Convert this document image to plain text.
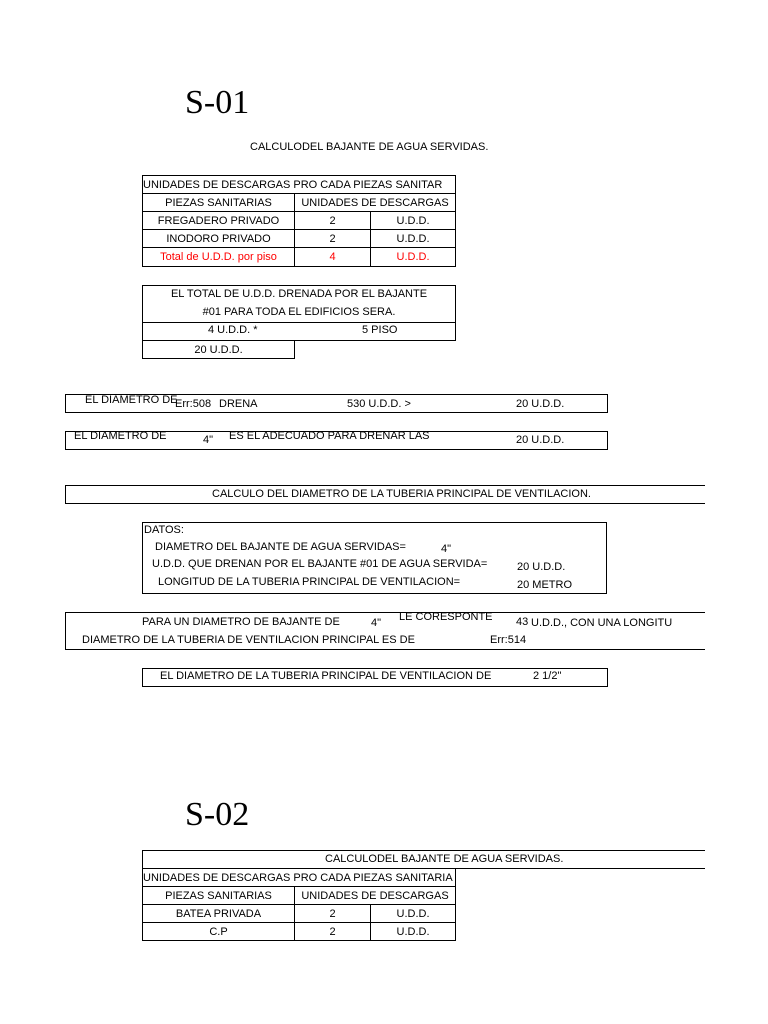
S-01
CALCULODEL BAJANTE DE AGUA SERVIDAS.
UNIDADES DE DESCARGAS PRO CADA PIEZAS SANITAR
PIEZAS SANITARIAS	UNIDADES DE DESCARGAS
FREGADERO PRIVADO	2	U.D.D.
INODORO PRIVADO	2	U.D.D.
Total de U.D.D. por piso	4	U.D.D.
EL TOTAL DE U.D.D. DRENADA POR EL BAJANTE
#01 PARA TODA EL EDIFICIOS SERA.
4 U.D.D. *	5 PISO
20 U.D.D.
EL DIAMETRO DE
Err:508 DRENA	530 U.D.D. >	20 U.D.D.
EL DIAMETRO DE	4" ES EL ADECUADO PARA DRENAR LAS	20 U.D.D.
CALCULO DEL DIAMETRO DE LA TUBERIA PRINCIPAL DE VENTILACION.
DATOS:
DIAMETRO DEL BAJANTE DE AGUA SERVIDAS=	4"
U.D.D. QUE DRENAN POR EL BAJANTE #01 DE AGUA SERVIDA=	20 U.D.D.
LONGITUD DE LA TUBERIA PRINCIPAL DE VENTILACION=	20 METRO
PARA UN DIAMETRO DE BAJANTE DE	4" LE CORESPONTE 43 U.D.D., CON UNA LONGITU
DIAMETRO DE LA TUBERIA DE VENTILACION PRINCIPAL ES DE	Err:514
EL DIAMETRO DE LA TUBERIA PRINCIPAL DE VENTILACION DE	2 1/2"
S-02
CALCULODEL BAJANTE DE AGUA SERVIDAS.
UNIDADES DE DESCARGAS PRO CADA PIEZAS SANITARIA
PIEZAS SANITARIAS	UNIDADES DE DESCARGAS
BATEA PRIVADA	2	U.D.D.
C.P	2	U.D.D.
